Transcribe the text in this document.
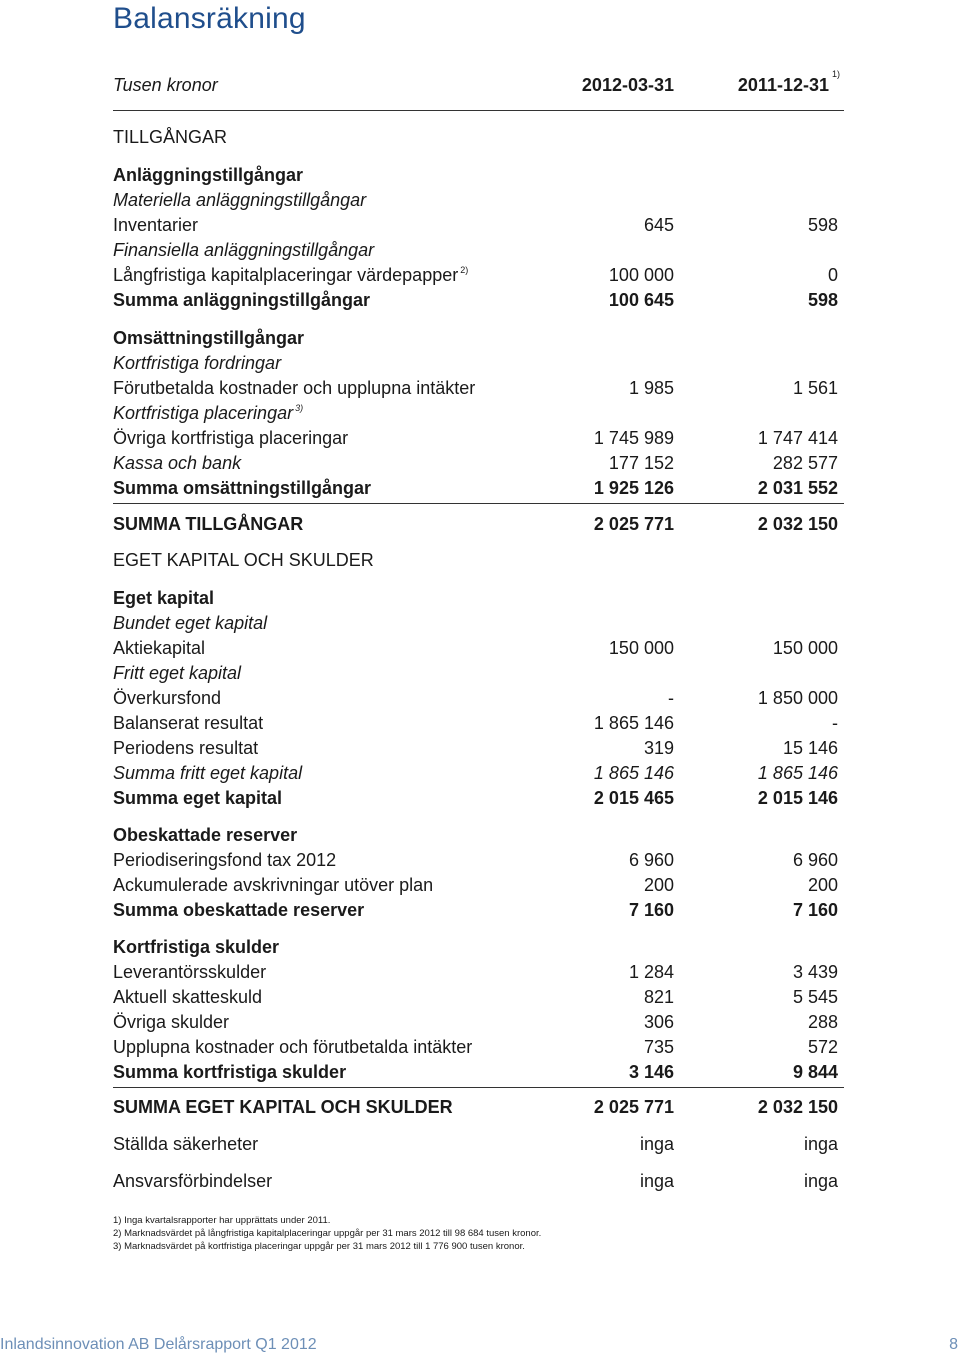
Balansräkning
Tusen kronor	2012-03-31	2011-12-31
1)
TILLGÅNGAR
Anläggningstillgångar
Materiella anläggningstillgångar
Inventarier	645	598
Finansiella anläggningstillgångar
Långfristiga kapitalplaceringar värdepapper $^{2)}$	100 000	0
Summa anläggningstillgångar	100 645	598
Omsättningstillgångar
Kortfristiga fordringar
Förutbetalda kostnader och upplupna intäkter	1 985	1 561
Kortfristiga placeringar $^{3)}$
Övriga kortfristiga placeringar	1 745 989	1 747 414
Kassa och bank	177 152	282 577
Summa omsättningstillgångar	1 925 126	2 031 552
SUMMA TILLGÅNGAR	2 025 771	2 032 150
EGET KAPITAL OCH SKULDER
Eget kapital
Bundet eget kapital
Aktiekapital	150 000	150 000
Fritt eget kapital
Överkursfond	-	1 850 000
Balanserat resultat	1 865 146	-
Periodens resultat	319	15 146
Summa fritt eget kapital	1 865 146	1 865 146
Summa eget kapital	2 015 465	2 015 146
Obeskattade reserver
Periodiseringsfond tax 2012	6 960	6 960
Ackumulerade avskrivningar utöver plan	200	200
Summa obeskattade reserver	7 160	7 160
Kortfristiga skulder
Leverantörsskulder	1 284	3 439
Aktuell skatteskuld	821	5 545
Övriga skulder	306	288
Upplupna kostnader och förutbetalda intäkter	735	572
Summa kortfristiga skulder	3 146	9 844
SUMMA EGET KAPITAL OCH SKULDER	2 025 771	2 032 150
Ställda säkerheter	inga	inga
Ansvarsförbindelser	inga	inga
1) Inga kvartalsrapporter har upprättats under 2011.
2) Marknadsvärdet på långfristiga kapitalplaceringar uppgår per 31 mars 2012 till 98 684 tusen kronor.
3) Marknadsvärdet på kortfristiga placeringar uppgår per 31 mars 2012 till 1 776 900 tusen kronor.
Inlandsinnovation AB Delårsrapport Q1 2012	8
